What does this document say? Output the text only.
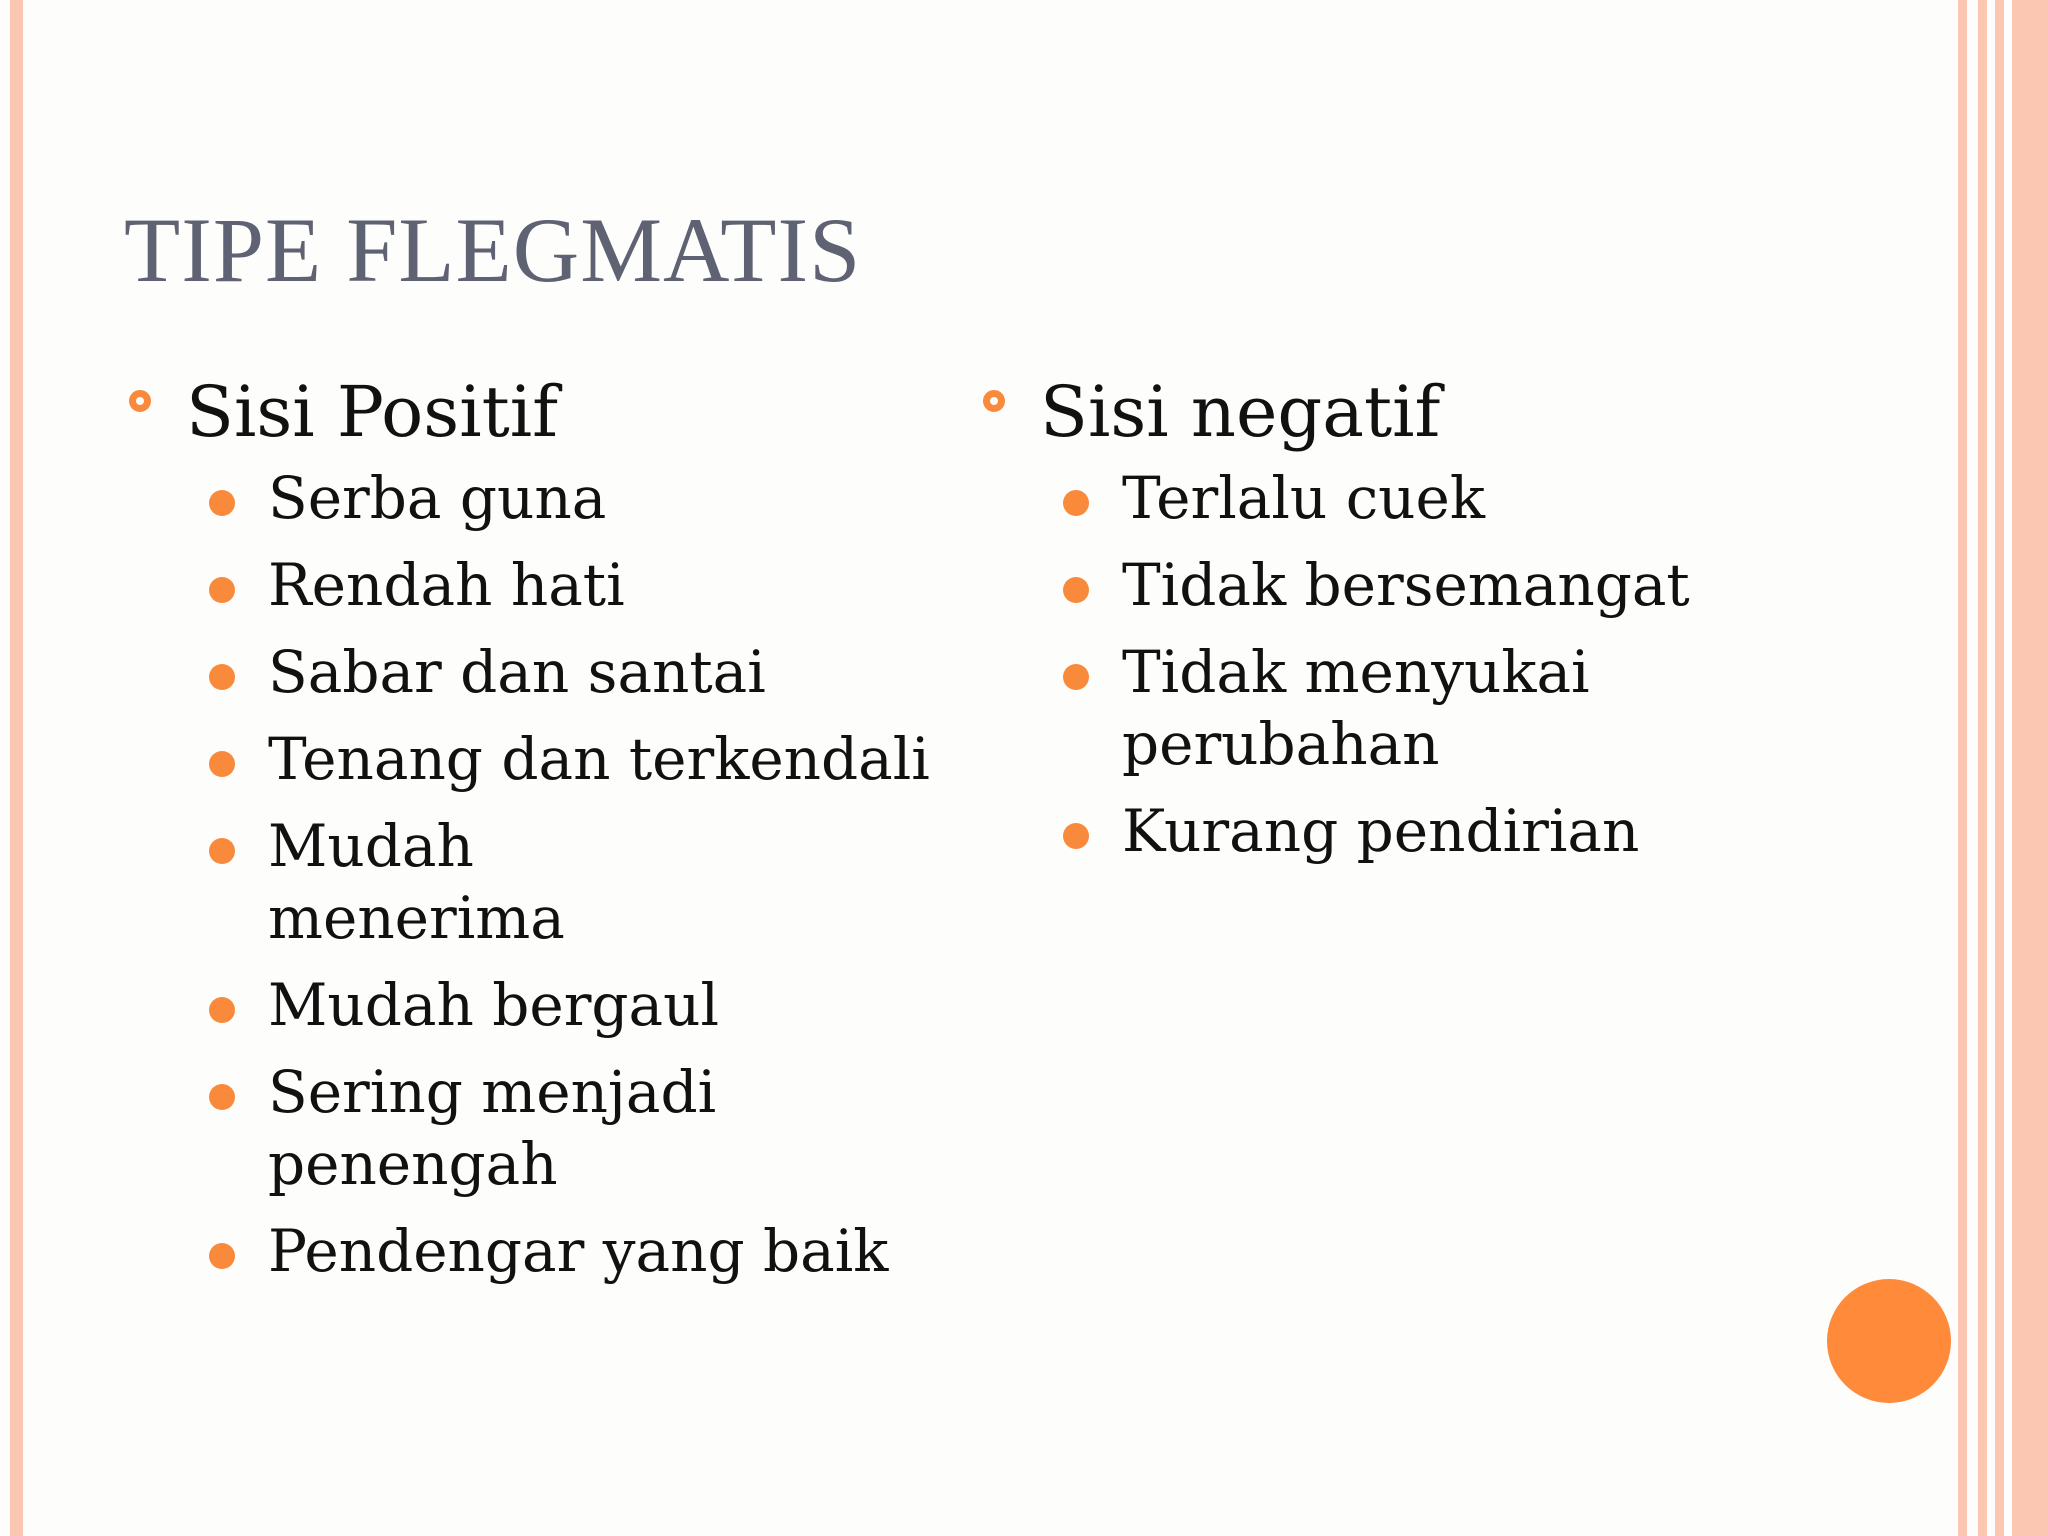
TIPE FLEGMATIS
Sisi Positif
Serba guna
Rendah hati
Sabar dan santai
Tenang dan terkendali
Mudah menerima
Mudah bergaul
Sering menjadi penengah
Pendengar yang baik
Sisi negatif
Terlalu cuek
Tidak bersemangat
Tidak menyukai perubahan
Kurang pendirian
